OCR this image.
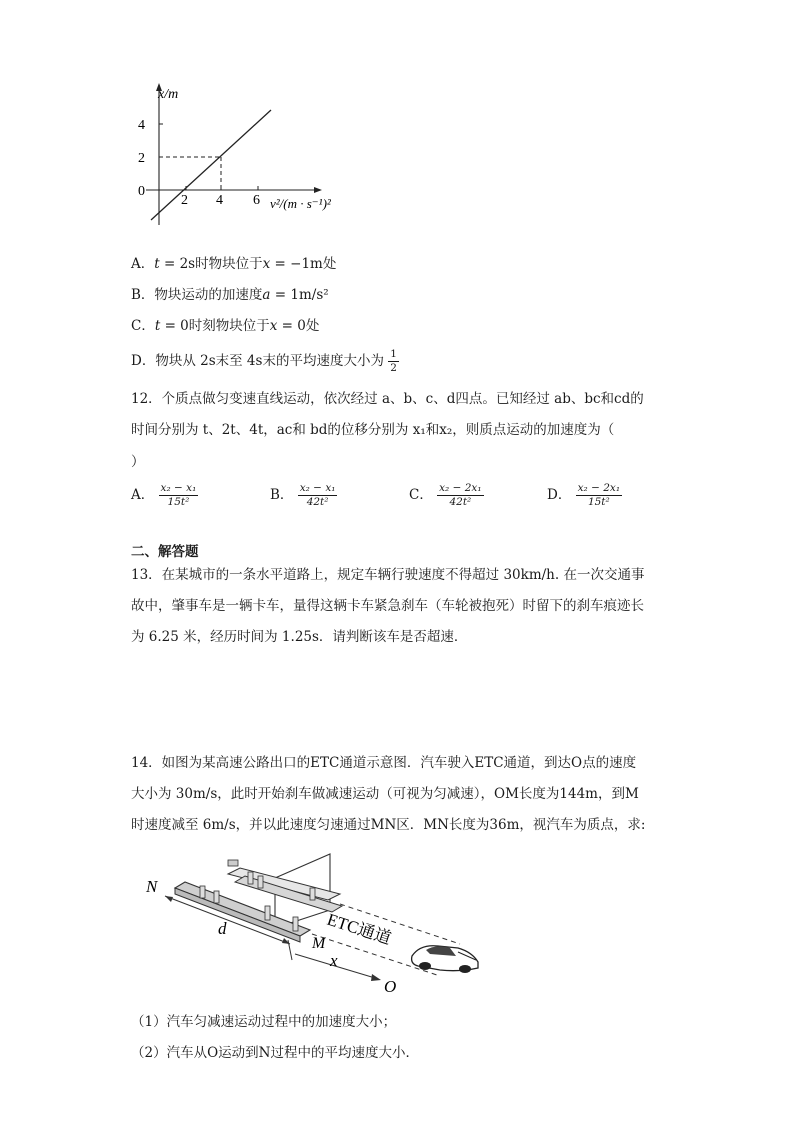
x/m
4
2
0
2 4 6 v²/(m · s⁻¹)²
A．t = 2s时物块位于x = −1m处
B．物块运动的加速度a = 1m/s²
C．t = 0时刻物块位于x = 0处
D．物块从 2s末至 4s末的平均速度大小为 $\frac{1}{2}$
12．个质点做匀变速直线运动，依次经过 a、b、c、d四点。已知经过 ab、bc和cd的
时间分别为 t、2t、4t，ac和 bd的位移分别为 x₁和x₂，则质点运动的加速度为（
）
A． $\frac{\text{x₂ − x₁}}{\text{15t²}}$	B． $\frac{\text{x₂ − x₁}}{\text{42t²}}$	C． $\frac{\text{x₂ − 2x₁}}{\text{42t²}}$	D． $\frac{\text{x₂ − 2x₁}}{\text{15t²}}$
二、解答题
13．在某城市的一条水平道路上，规定车辆行驶速度不得超过 30km/h. 在一次交通事
故中，肇事车是一辆卡车，量得这辆卡车紧急刹车（车轮被抱死）时留下的刹车痕迹长
为 6.25 米，经历时间为 1.25s．请判断该车是否超速．
14．如图为某高速公路出口的ETC通道示意图．汽车驶入ETC通道，到达O点的速度
大小为 30m/s，此时开始刹车做减速运动（可视为匀减速），OM长度为144m，到M
时速度减至 6m/s，并以此速度匀速通过MN区．MN长度为36m，视汽车为质点，求:
N
d
M
x
O
ETC通道
（1）汽车匀减速运动过程中的加速度大小；
（2）汽车从O运动到N过程中的平均速度大小．
